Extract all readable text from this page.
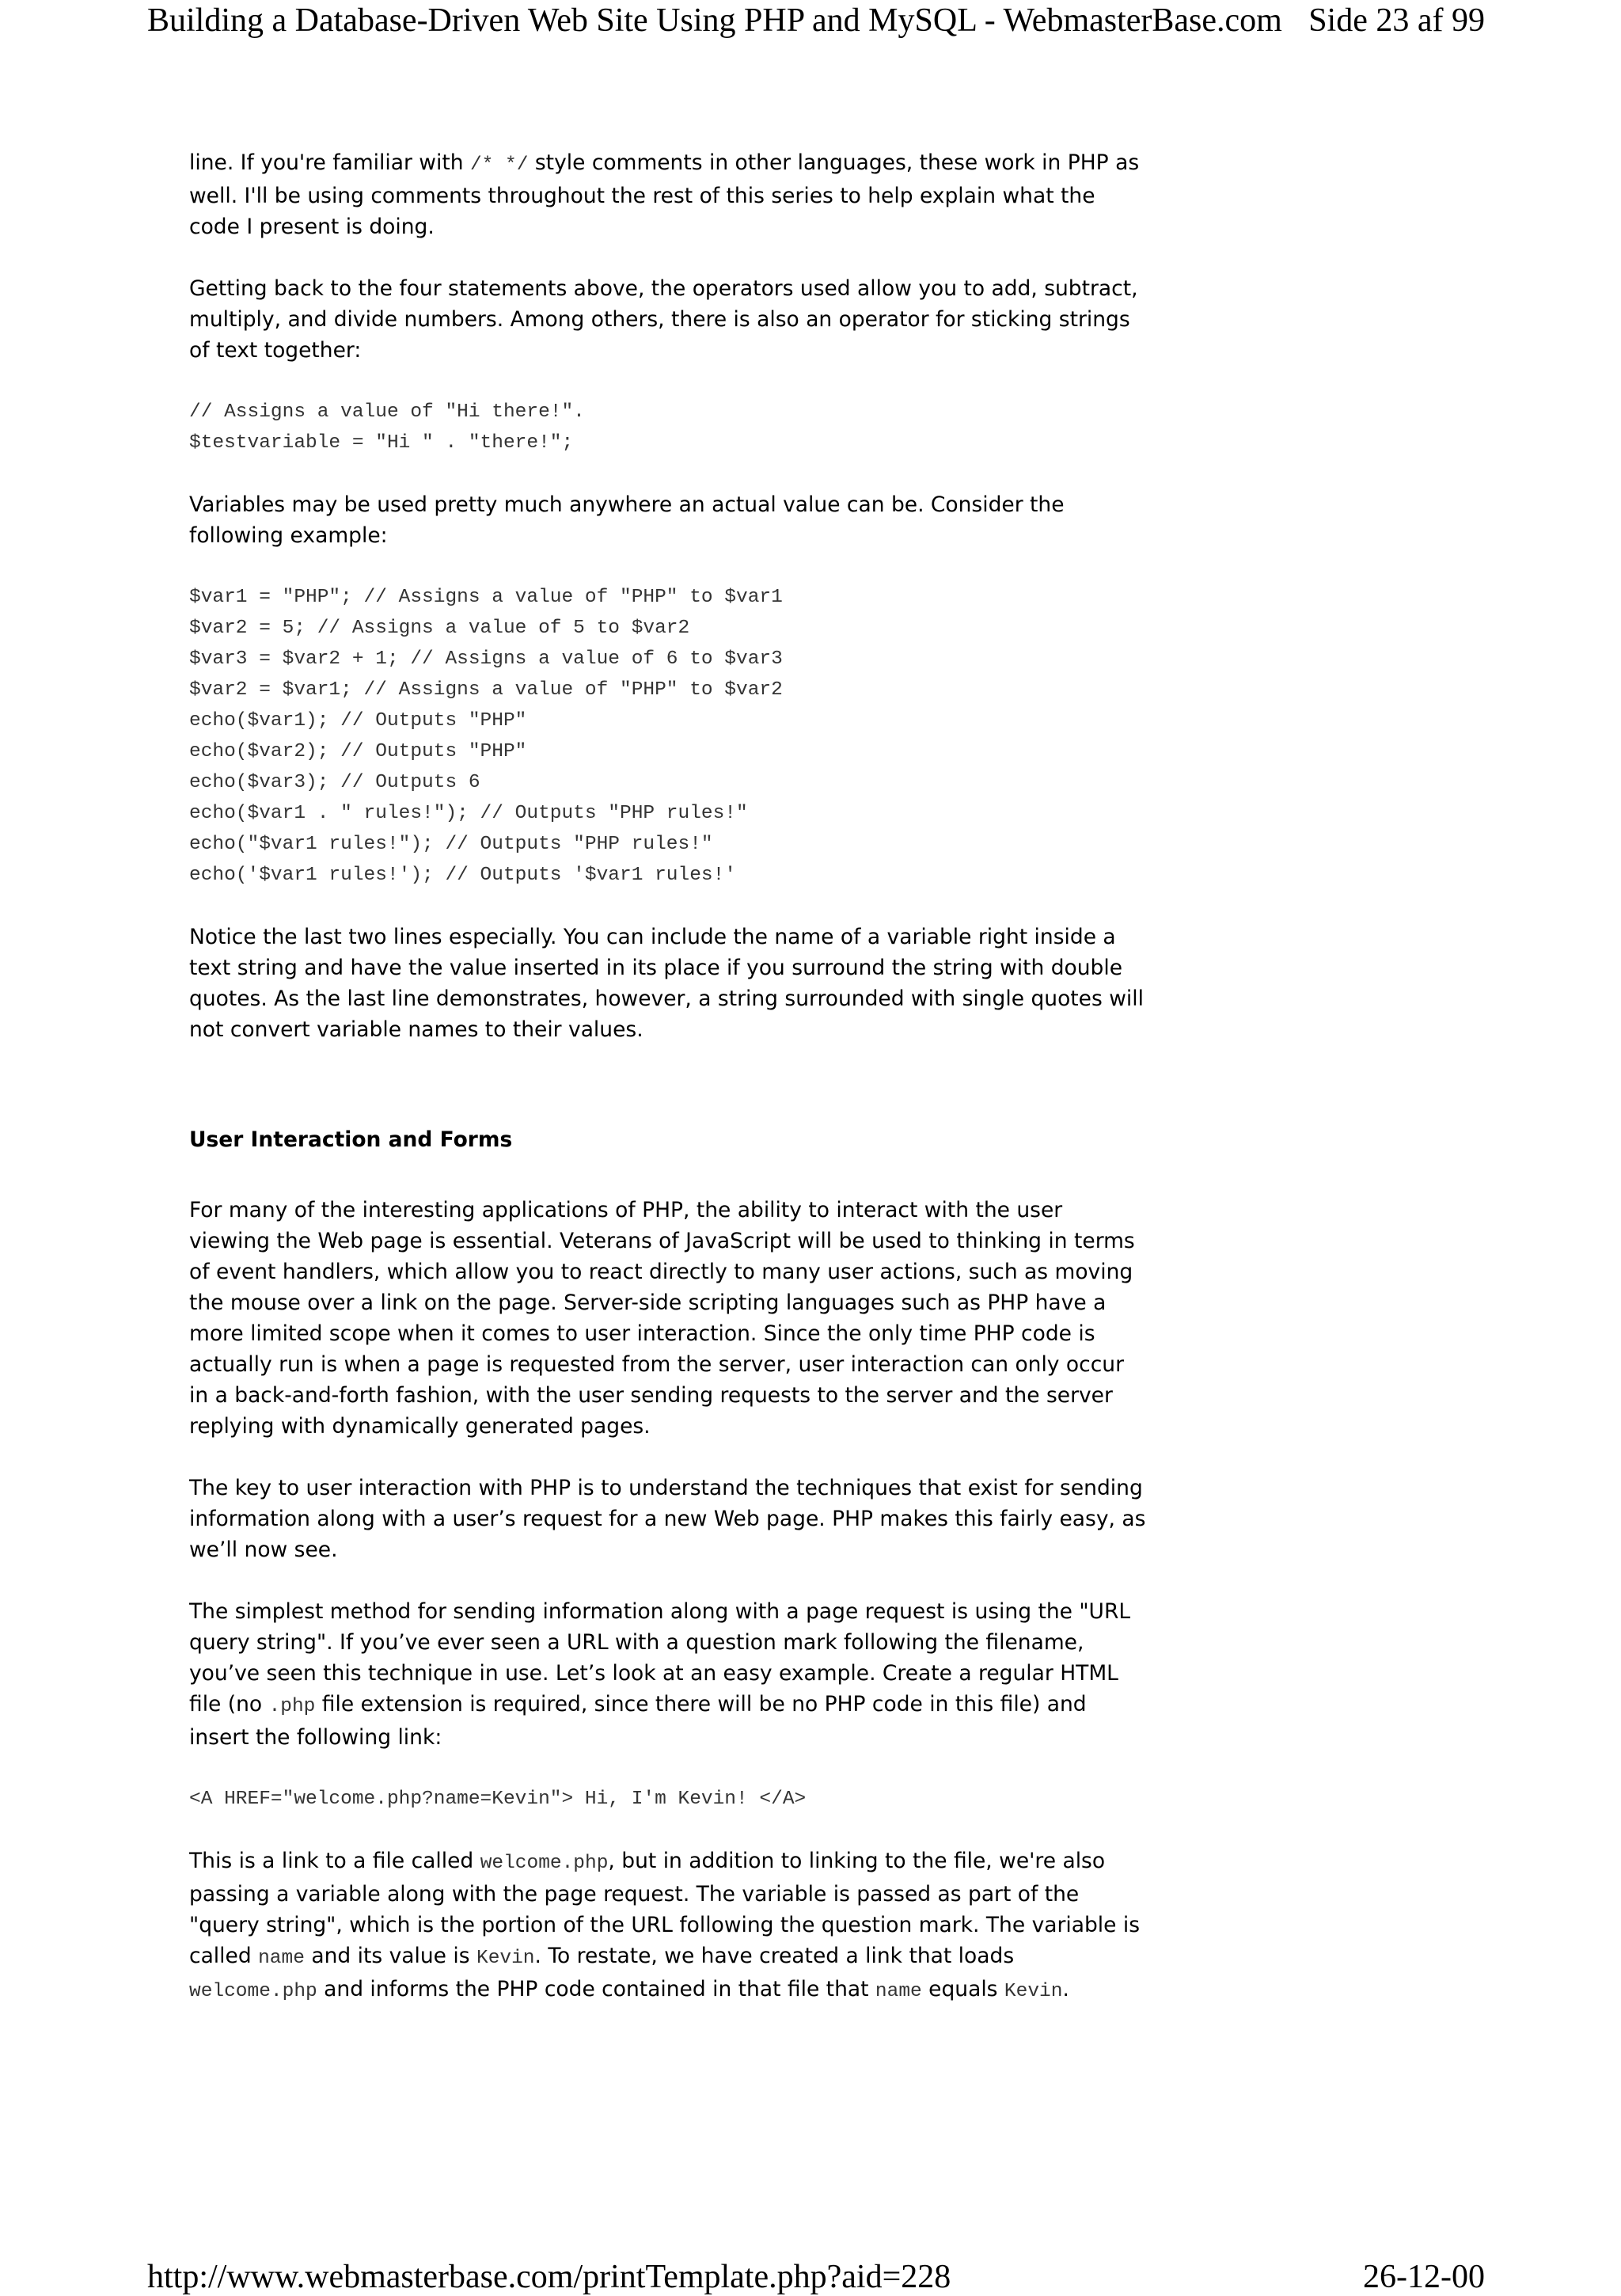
Building a Database-Driven Web Site Using PHP and MySQL - WebmasterBase.com Side 23 af 99

line. If you're familiar with /* */ style comments in other languages, these work in PHP as well. I'll be using comments throughout the rest of this series to help explain what the code I present is doing.

Getting back to the four statements above, the operators used allow you to add, subtract, multiply, and divide numbers. Among others, there is also an operator for sticking strings of text together:

// Assigns a value of "Hi there!".
$testvariable = "Hi " . "there!";

Variables may be used pretty much anywhere an actual value can be. Consider the following example:

$var1 = "PHP"; // Assigns a value of "PHP" to $var1
$var2 = 5; // Assigns a value of 5 to $var2
$var3 = $var2 + 1; // Assigns a value of 6 to $var3
$var2 = $var1; // Assigns a value of "PHP" to $var2
echo($var1); // Outputs "PHP"
echo($var2); // Outputs "PHP"
echo($var3); // Outputs 6
echo($var1 . " rules!"); // Outputs "PHP rules!"
echo("$var1 rules!"); // Outputs "PHP rules!"
echo('$var1 rules!'); // Outputs '$var1 rules!'

Notice the last two lines especially. You can include the name of a variable right inside a text string and have the value inserted in its place if you surround the string with double quotes. As the last line demonstrates, however, a string surrounded with single quotes will not convert variable names to their values.

User Interaction and Forms

For many of the interesting applications of PHP, the ability to interact with the user viewing the Web page is essential. Veterans of JavaScript will be used to thinking in terms of event handlers, which allow you to react directly to many user actions, such as moving the mouse over a link on the page. Server-side scripting languages such as PHP have a more limited scope when it comes to user interaction. Since the only time PHP code is actually run is when a page is requested from the server, user interaction can only occur in a back-and-forth fashion, with the user sending requests to the server and the server replying with dynamically generated pages.

The key to user interaction with PHP is to understand the techniques that exist for sending information along with a user’s request for a new Web page. PHP makes this fairly easy, as we’ll now see.

The simplest method for sending information along with a page request is using the "URL query string". If you’ve ever seen a URL with a question mark following the filename, you’ve seen this technique in use. Let’s look at an easy example. Create a regular HTML file (no .php file extension is required, since there will be no PHP code in this file) and insert the following link:

<A HREF="welcome.php?name=Kevin"> Hi, I'm Kevin! </A>

This is a link to a file called welcome.php, but in addition to linking to the file, we're also passing a variable along with the page request. The variable is passed as part of the "query string", which is the portion of the URL following the question mark. The variable is called name and its value is Kevin. To restate, we have created a link that loads welcome.php and informs the PHP code contained in that file that name equals Kevin.

http://www.webmasterbase.com/printTemplate.php?aid=228	26-12-00
